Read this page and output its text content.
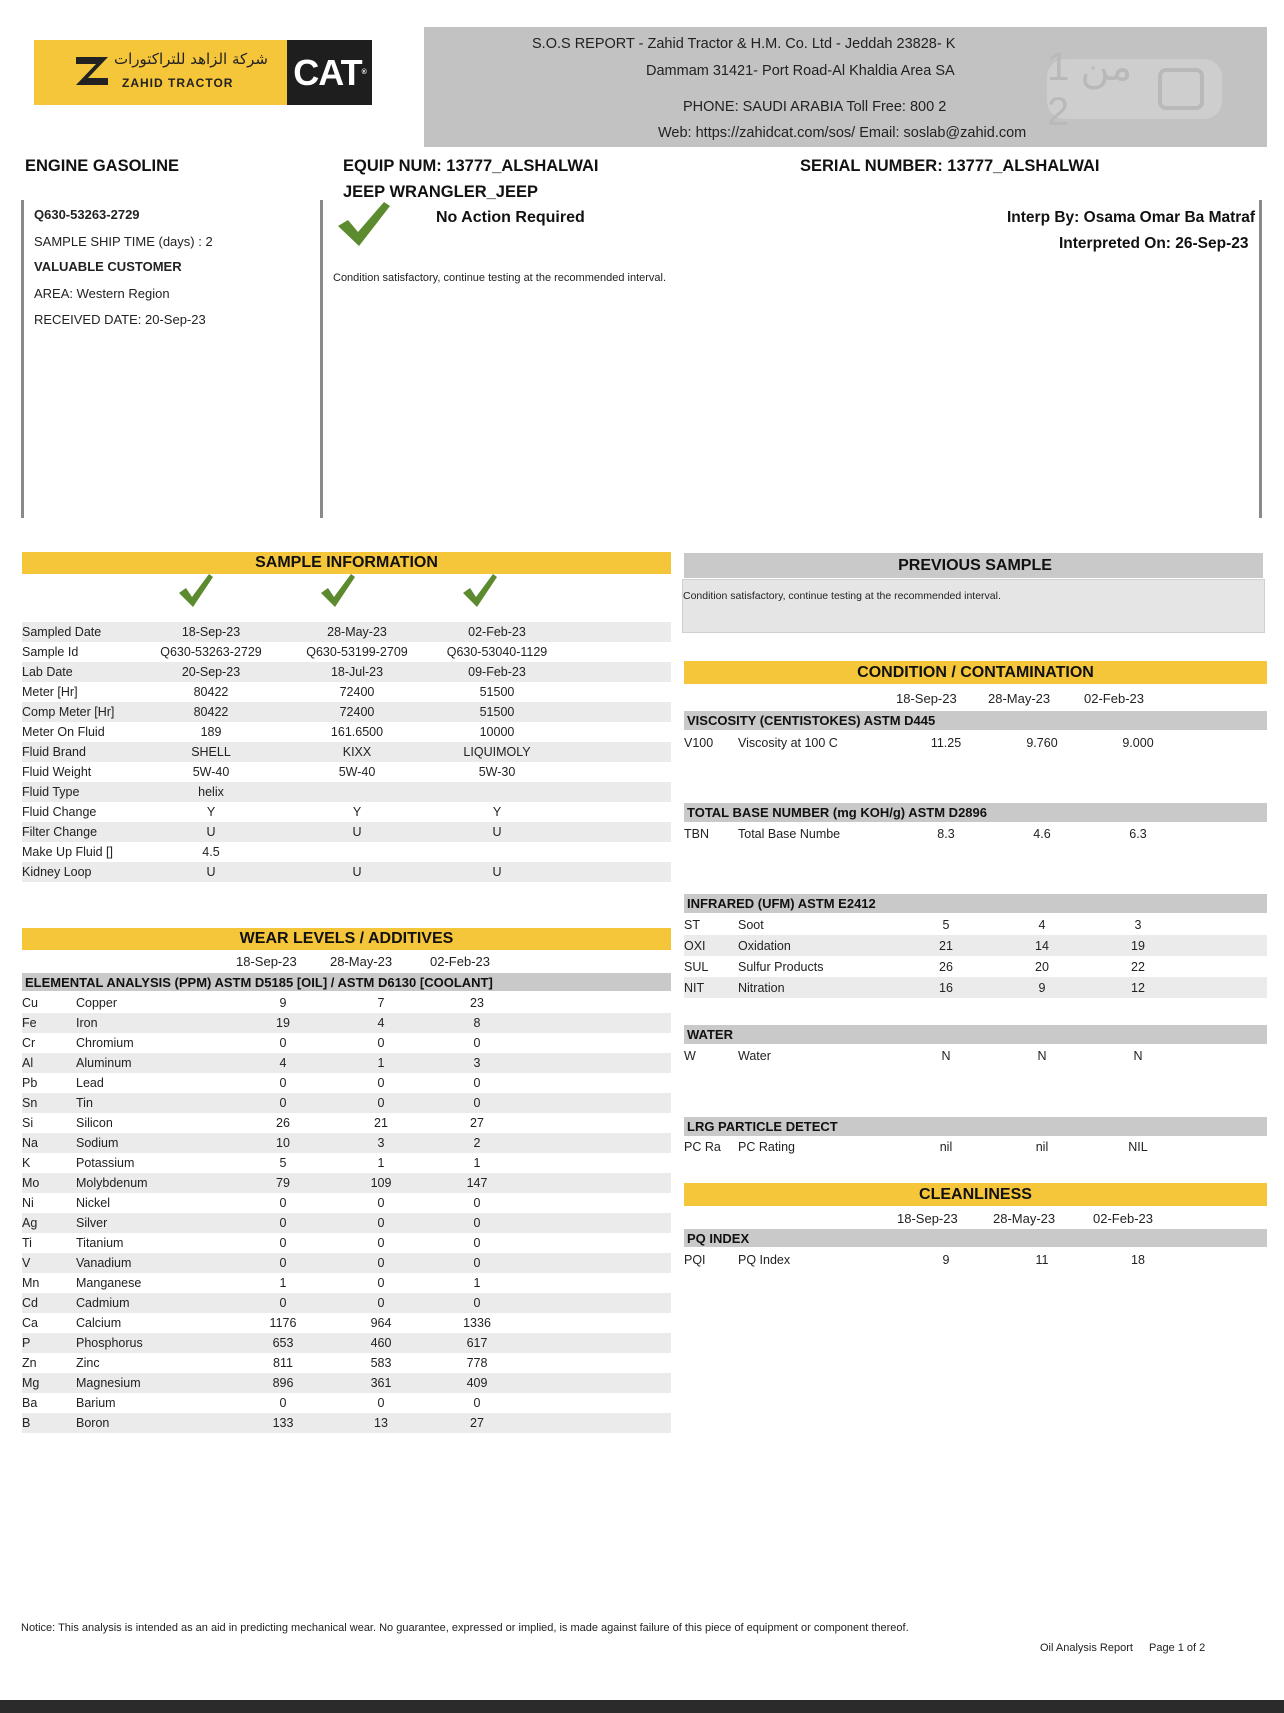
شركة الزاهد للتراكتورات
ZAHID TRACTOR CAT ®
S.O.S REPORT - Zahid Tractor & H.M. Co. Ltd - Jeddah 23828- K
Dammam 31421- Port Road-Al Khaldia Area SA
PHONE: SAUDI ARABIA Toll Free: 800 2
Web: https://zahidcat.com/sos/ Email: soslab@zahid.com
1 من 2
ENGINE GASOLINE	EQUIP NUM: 13777_ALSHALWAI	SERIAL NUMBER: 13777_ALSHALWAI
JEEP WRANGLER_JEEP
Q630-53263-2729
SAMPLE SHIP TIME (days) : 2
VALUABLE CUSTOMER
AREA: Western Region
RECEIVED DATE: 20-Sep-23
No Action Required
Condition satisfactory, continue testing at the recommended interval.
Interp By: Osama Omar Ba Matraf
Interpreted On: 26-Sep-23
SAMPLE INFORMATION
Sampled Date	18-Sep-23	28-May-23	02-Feb-23	
Sample Id	Q630-53263-2729	Q630-53199-2709	Q630-53040-1129	
Lab Date	20-Sep-23	18-Jul-23	09-Feb-23	
Meter [Hr]	80422	72400	51500	
Comp Meter [Hr]	80422	72400	51500	
Meter On Fluid	189	161.6500	10000	
Fluid Brand	SHELL	KIXX	LIQUIMOLY	
Fluid Weight	5W-40	5W-40	5W-30	
Fluid Type	helix			
Fluid Change	Y	Y	Y	
Filter Change	U	U	U	
Make Up Fluid []	4.5			
Kidney Loop	U	U	U	
WEAR LEVELS / ADDITIVES
18-Sep-23	28-May-23	02-Feb-23
ELEMENTAL ANALYSIS (PPM) ASTM D5185 [OIL] / ASTM D6130 [COOLANT]
Cu	Copper	9	7	23	
Fe	Iron	19	4	8	
Cr	Chromium	0	0	0	
Al	Aluminum	4	1	3	
Pb	Lead	0	0	0	
Sn	Tin	0	0	0	
Si	Silicon	26	21	27	
Na	Sodium	10	3	2	
K	Potassium	5	1	1	
Mo	Molybdenum	79	109	147	
Ni	Nickel	0	0	0	
Ag	Silver	0	0	0	
Ti	Titanium	0	0	0	
V	Vanadium	0	0	0	
Mn	Manganese	1	0	1	
Cd	Cadmium	0	0	0	
Ca	Calcium	1176	964	1336	
P	Phosphorus	653	460	617	
Zn	Zinc	811	583	778	
Mg	Magnesium	896	361	409	
Ba	Barium	0	0	0	
B	Boron	133	13	27	
PREVIOUS SAMPLE
Condition satisfactory, continue testing at the recommended interval.
CONDITION / CONTAMINATION
18-Sep-23 28-May-23	02-Feb-23
VISCOSITY (CENTISTOKES) ASTM D445
V100	Viscosity at 100 C	11.25	9.760	9.000	
TOTAL BASE NUMBER (mg KOH/g) ASTM D2896
TBN	Total Base Numbe	8.3	4.6	6.3	
INFRARED (UFM) ASTM E2412
ST	Soot	5	4	3	
OXI	Oxidation	21	14	19	
SUL	Sulfur Products	26	20	22	
NIT	Nitration	16	9	12	
WATER
W	Water	N	N	N	
LRG PARTICLE DETECT
PC Ra	PC Rating	nil	nil	NIL	
CLEANLINESS
18-Sep-23	28-May-23	02-Feb-23
PQ INDEX
PQI	PQ Index	9	11	18	
Notice: This analysis is intended as an aid in predicting mechanical wear. No guarantee, expressed or implied, is made against failure of this piece of equipment or component thereof.
Oil Analysis Report Page 1 of 2
